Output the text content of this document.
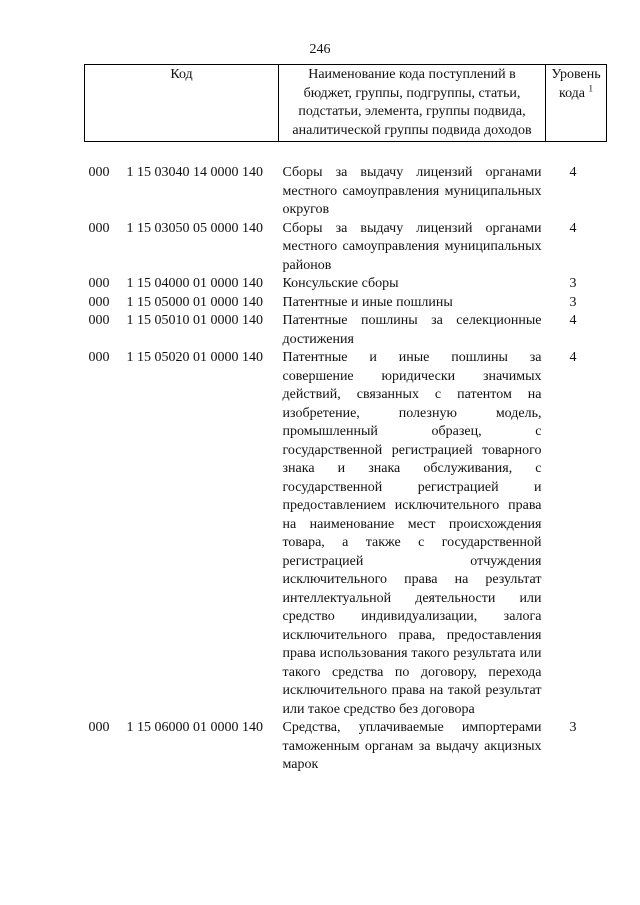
246
Код	Наименование кода поступлений в бюджет, группы, подгруппы, статьи, подстатьи, элемента, группы подвида, аналитической группы подвида доходов	Уровень кода $^1$

000 1 15 03040 14 0000 140	Сборы за выдачу лицензий органами местного самоуправления муниципальных округов	4
000 1 15 03050 05 0000 140	Сборы за выдачу лицензий органами местного самоуправления муниципальных районов	4
000 1 15 04000 01 0000 140	Консульские сборы	3
000 1 15 05000 01 0000 140	Патентные и иные пошлины	3
000 1 15 05010 01 0000 140	Патентные пошлины за селекционные достижения	4
000 1 15 05020 01 0000 140	Патентные и иные пошлины за совершение юридически значимых действий, связанных с патентом на изобретение, полезную модель, промышленный образец, с государственной регистрацией товарного знака и знака обслуживания, с государственной регистрацией и предоставлением исключительного права на наименование мест происхождения товара, а также с государственной регистрацией отчуждения исключительного права на результат интеллектуальной деятельности или средство индивидуализации, залога исключительного права, предоставления права использования такого результата или такого средства по договору, перехода исключительного права на такой результат или такое средство без договора	4
000 1 15 06000 01 0000 140	Средства, уплачиваемые импортерами таможенным органам за выдачу акцизных марок	3
